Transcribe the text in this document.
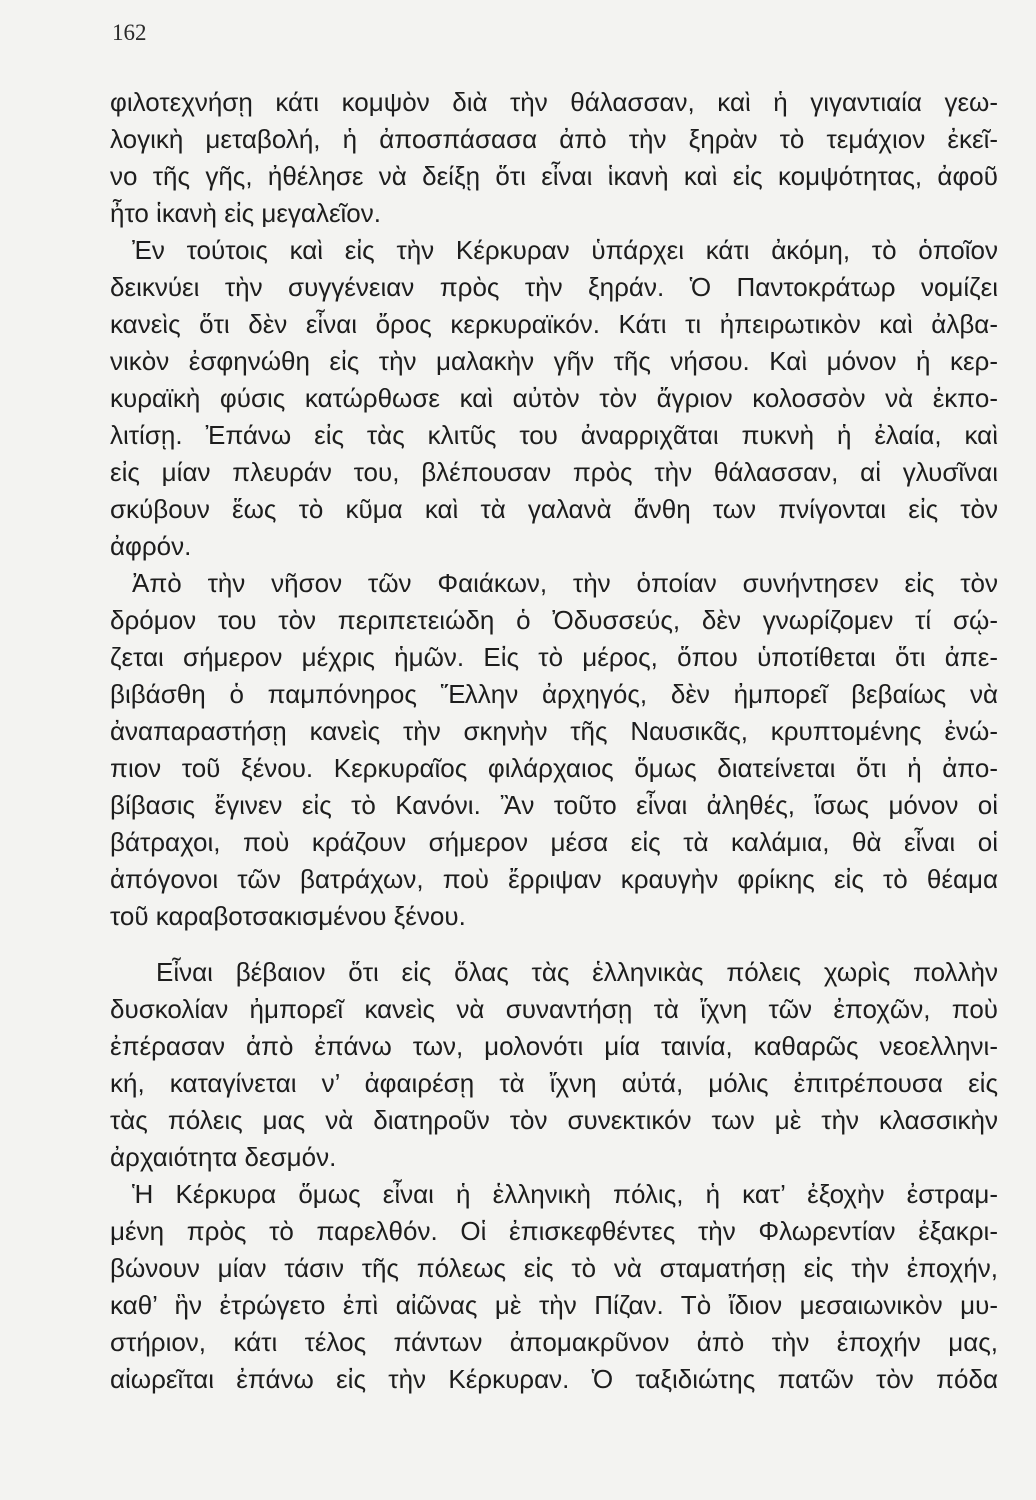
162
φιλοτεχνήσῃ κάτι κομψὸν διὰ τὴν θάλασσαν, καὶ ἡ γιγαντιαία γεω-
λογικὴ μεταβολή, ἡ ἀποσπάσασα ἀπὸ τὴν ξηρὰν τὸ τεμάχιον ἐκεῖ-
νο τῆς γῆς, ἠθέλησε νὰ δείξῃ ὅτι εἶναι ἱκανὴ καὶ εἰς κομψότητας, ἀφοῦ
ἦτο ἱκανὴ εἰς μεγαλεῖον.
Ἐν τούτοις καὶ εἰς τὴν Κέρκυραν ὑπάρχει κάτι ἀκόμη, τὸ ὁποῖον
δεικνύει τὴν συγγένειαν πρὸς τὴν ξηράν. Ὁ Παντοκράτωρ νομίζει
κανεὶς ὅτι δὲν εἶναι ὄρος κερκυραϊκόν. Κάτι τι ἠπειρωτικὸν καὶ ἀλβα-
νικὸν ἐσφηνώθη εἰς τὴν μαλακὴν γῆν τῆς νήσου. Καὶ μόνον ἡ κερ-
κυραϊκὴ φύσις κατώρθωσε καὶ αὐτὸν τὸν ἄγριον κολοσσὸν νὰ ἐκπο-
λιτίσῃ. Ἐπάνω εἰς τὰς κλιτῦς του ἀναρριχᾶται πυκνὴ ἡ ἐλαία, καὶ
εἰς μίαν πλευράν του, βλέπουσαν πρὸς τὴν θάλασσαν, αἱ γλυσῖναι
σκύβουν ἕως τὸ κῦμα καὶ τὰ γαλανὰ ἄνθη των πνίγονται εἰς τὸν
ἀφρόν.
Ἀπὸ τὴν νῆσον τῶν Φαιάκων, τὴν ὁποίαν συνήντησεν εἰς τὸν
δρόμον του τὸν περιπετειώδη ὁ Ὀδυσσεύς, δὲν γνωρίζομεν τί σῴ-
ζεται σήμερον μέχρις ἡμῶν. Εἰς τὸ μέρος, ὅπου ὑποτίθεται ὅτι ἀπε-
βιβάσθη ὁ παμπόνηρος Ἕλλην ἀρχηγός, δὲν ἠμπορεῖ βεβαίως νὰ
ἀναπαραστήσῃ κανεὶς τὴν σκηνὴν τῆς Ναυσικᾶς, κρυπτομένης ἐνώ-
πιον τοῦ ξένου. Κερκυραῖος φιλάρχαιος ὅμως διατείνεται ὅτι ἡ ἀπο-
βίβασις ἔγινεν εἰς τὸ Κανόνι. Ἂν τοῦτο εἶναι ἀληθές, ἴσως μόνον οἱ
βάτραχοι, ποὺ κράζουν σήμερον μέσα εἰς τὰ καλάμια, θὰ εἶναι οἱ
ἀπόγονοι τῶν βατράχων, ποὺ ἔρριψαν κραυγὴν φρίκης εἰς τὸ θέαμα
τοῦ καραβοτσακισμένου ξένου.
Εἶναι βέβαιον ὅτι εἰς ὅλας τὰς ἑλληνικὰς πόλεις χωρὶς πολλὴν
δυσκολίαν ἠμπορεῖ κανεὶς νὰ συναντήσῃ τὰ ἴχνη τῶν ἐποχῶν, ποὺ
ἐπέρασαν ἀπὸ ἐπάνω των, μολονότι μία ταινία, καθαρῶς νεοελληνι-
κή, καταγίνεται ν’ ἀφαιρέσῃ τὰ ἴχνη αὐτά, μόλις ἐπιτρέπουσα εἰς
τὰς πόλεις μας νὰ διατηροῦν τὸν συνεκτικόν των μὲ τὴν κλασσικὴν
ἀρχαιότητα δεσμόν.
Ἡ Κέρκυρα ὅμως εἶναι ἡ ἑλληνικὴ πόλις, ἡ κατ’ ἐξοχὴν ἐστραμ-
μένη πρὸς τὸ παρελθόν. Οἱ ἐπισκεφθέντες τὴν Φλωρεντίαν ἐξακρι-
βώνουν μίαν τάσιν τῆς πόλεως εἰς τὸ νὰ σταματήσῃ εἰς τὴν ἐποχήν,
καθ’ ἣν ἐτρώγετο ἐπὶ αἰῶνας μὲ τὴν Πίζαν. Τὸ ἴδιον μεσαιωνικὸν μυ-
στήριον, κάτι τέλος πάντων ἀπομακρῦνον ἀπὸ τὴν ἐποχήν μας,
αἰωρεῖται ἐπάνω εἰς τὴν Κέρκυραν. Ὁ ταξιδιώτης πατῶν τὸν πόδα
